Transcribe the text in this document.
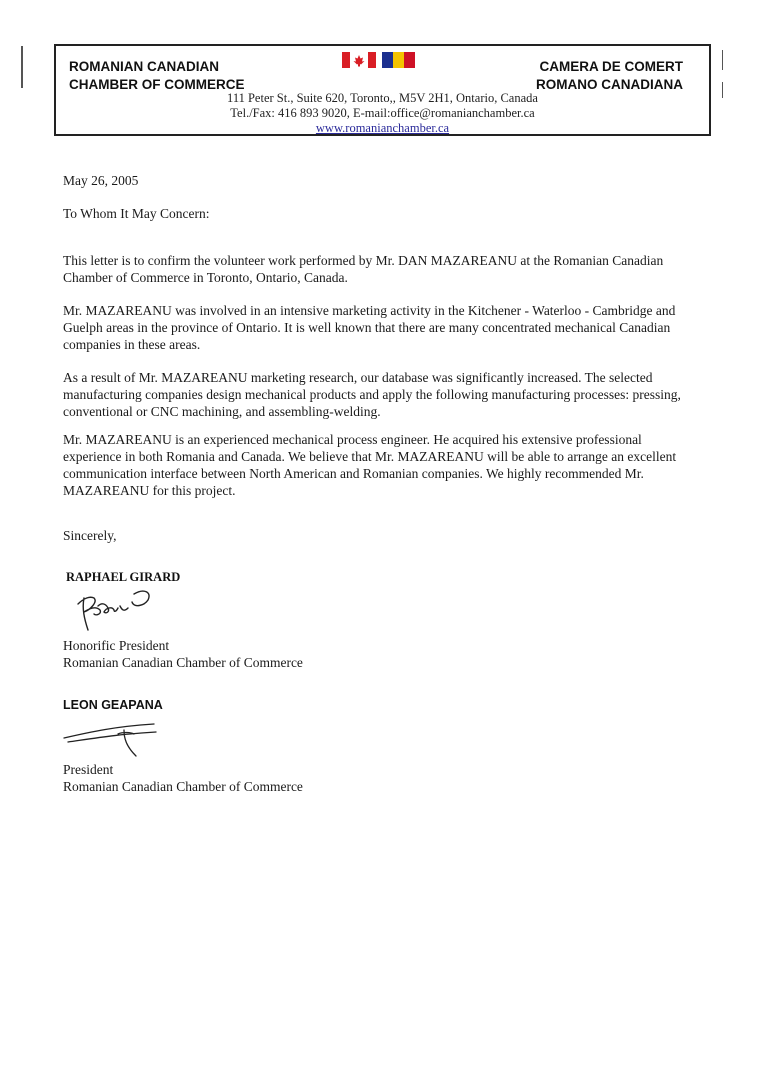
ROMANIAN CANADIAN
CHAMBER OF COMMERCE
CAMERA DE COMERT
ROMANO CANADIANA
111 Peter St., Suite 620, Toronto,, M5V 2H1, Ontario, Canada
Tel./Fax: 416 893 9020, E-mail:office@romanianchamber.ca
www.romanianchamber.ca

May 26, 2005

To Whom It May Concern:

This letter is to confirm the volunteer work performed by Mr. DAN MAZAREANU at the Romanian Canadian Chamber of Commerce in Toronto, Ontario, Canada.

Mr. MAZAREANU was involved in an intensive marketing activity in the Kitchener - Waterloo - Cambridge and Guelph areas in the province of Ontario. It is well known that there are many concentrated mechanical Canadian companies in these areas.

As a result of Mr. MAZAREANU marketing research, our database was significantly increased. The selected manufacturing companies design mechanical products and apply the following manufacturing processes: pressing, conventional or CNC machining, and assembling-welding.

Mr. MAZAREANU is an experienced mechanical process engineer. He acquired his extensive professional experience in both Romania and Canada. We believe that Mr. MAZAREANU will be able to arrange an excellent communication interface between North American and Romanian companies. We highly recommended Mr. MAZAREANU for this project.

Sincerely,

RAPHAEL GIRARD
Honorific President
Romanian Canadian Chamber of Commerce
LEON GEAPANA
President
Romanian Canadian Chamber of Commerce
